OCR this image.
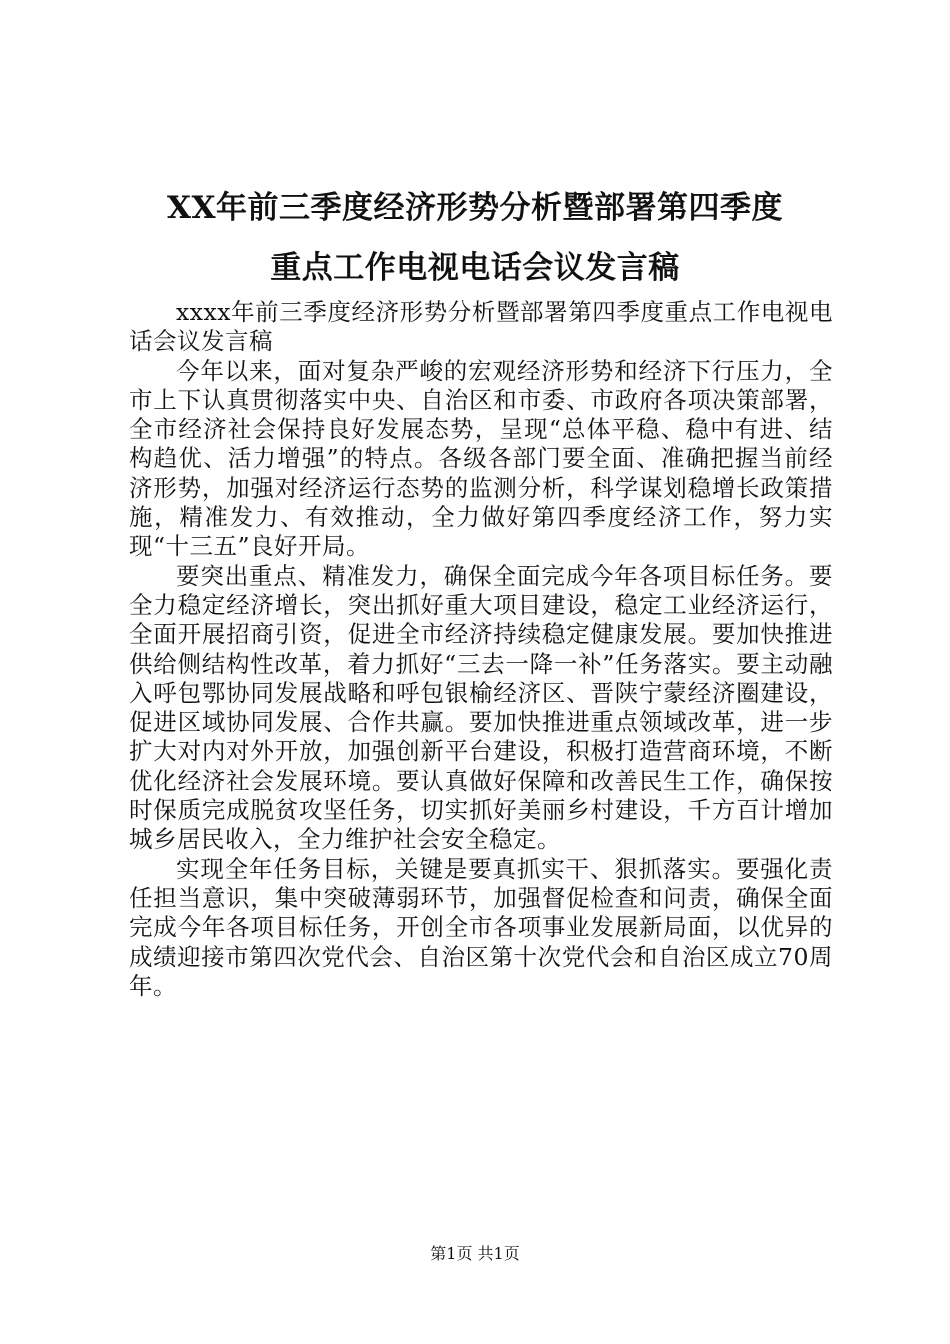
XX年前三季度经济形势分析暨部署第四季度
重点工作电视电话会议发言稿

xxxx年前三季度经济形势分析暨部署第四季度重点工作电视电话会议发言稿

今年以来，面对复杂严峻的宏观经济形势和经济下行压力，全市上下认真贯彻落实中央、自治区和市委、市政府各项决策部署，全市经济社会保持良好发展态势，呈现“总体平稳、稳中有进、结构趋优、活力增强”的特点。各级各部门要全面、准确把握当前经济形势，加强对经济运行态势的监测分析，科学谋划稳增长政策措施，精准发力、有效推动，全力做好第四季度经济工作，努力实现“十三五”良好开局。

要突出重点、精准发力，确保全面完成今年各项目标任务。要全力稳定经济增长，突出抓好重大项目建设，稳定工业经济运行，全面开展招商引资，促进全市经济持续稳定健康发展。要加快推进供给侧结构性改革，着力抓好“三去一降一补”任务落实。要主动融入呼包鄂协同发展战略和呼包银榆经济区、晋陕宁蒙经济圈建设，促进区域协同发展、合作共赢。要加快推进重点领域改革，进一步扩大对内对外开放，加强创新平台建设，积极打造营商环境，不断优化经济社会发展环境。要认真做好保障和改善民生工作，确保按时保质完成脱贫攻坚任务，切实抓好美丽乡村建设，千方百计增加城乡居民收入，全力维护社会安全稳定。

实现全年任务目标，关键是要真抓实干、狠抓落实。要强化责任担当意识，集中突破薄弱环节，加强督促检查和问责，确保全面完成今年各项目标任务，开创全市各项事业发展新局面，以优异的成绩迎接市第四次党代会、自治区第十次党代会和自治区成立70周年。

第1页 共1页
